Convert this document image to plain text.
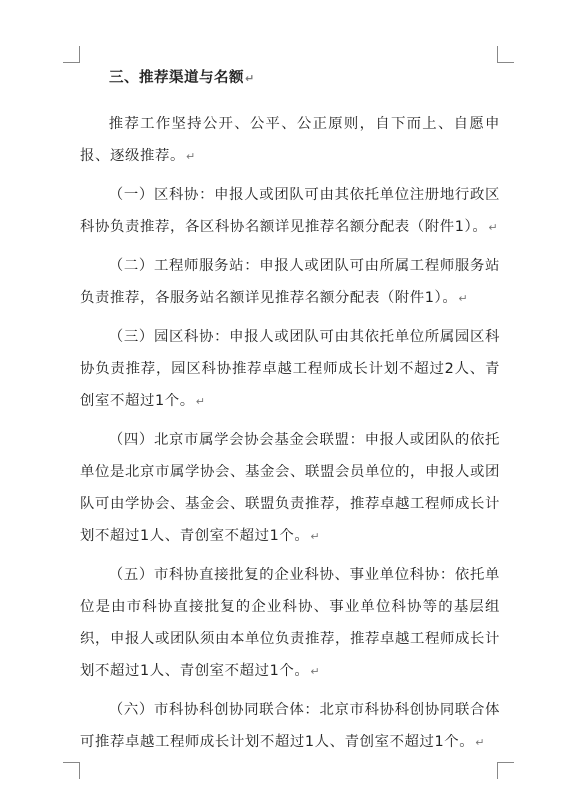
三、推荐渠道与名额↵

推荐工作坚持公开、公平、公正原则，自下而上、自愿申报、逐级推荐。↵

（一）区科协：申报人或团队可由其依托单位注册地行政区科协负责推荐，各区科协名额详见推荐名额分配表（附件1）。↵

（二）工程师服务站：申报人或团队可由所属工程师服务站负责推荐，各服务站名额详见推荐名额分配表（附件1）。↵

（三）园区科协：申报人或团队可由其依托单位所属园区科协负责推荐，园区科协推荐卓越工程师成长计划不超过2人、青创室不超过1个。↵

（四）北京市属学会协会基金会联盟：申报人或团队的依托单位是北京市属学协会、基金会、联盟会员单位的，申报人或团队可由学协会、基金会、联盟负责推荐，推荐卓越工程师成长计划不超过1人、青创室不超过1个。↵

（五）市科协直接批复的企业科协、事业单位科协：依托单位是由市科协直接批复的企业科协、事业单位科协等的基层组织，申报人或团队须由本单位负责推荐，推荐卓越工程师成长计划不超过1人、青创室不超过1个。↵

（六）市科协科创协同联合体：北京市科协科创协同联合体可推荐卓越工程师成长计划不超过1人、青创室不超过1个。↵
